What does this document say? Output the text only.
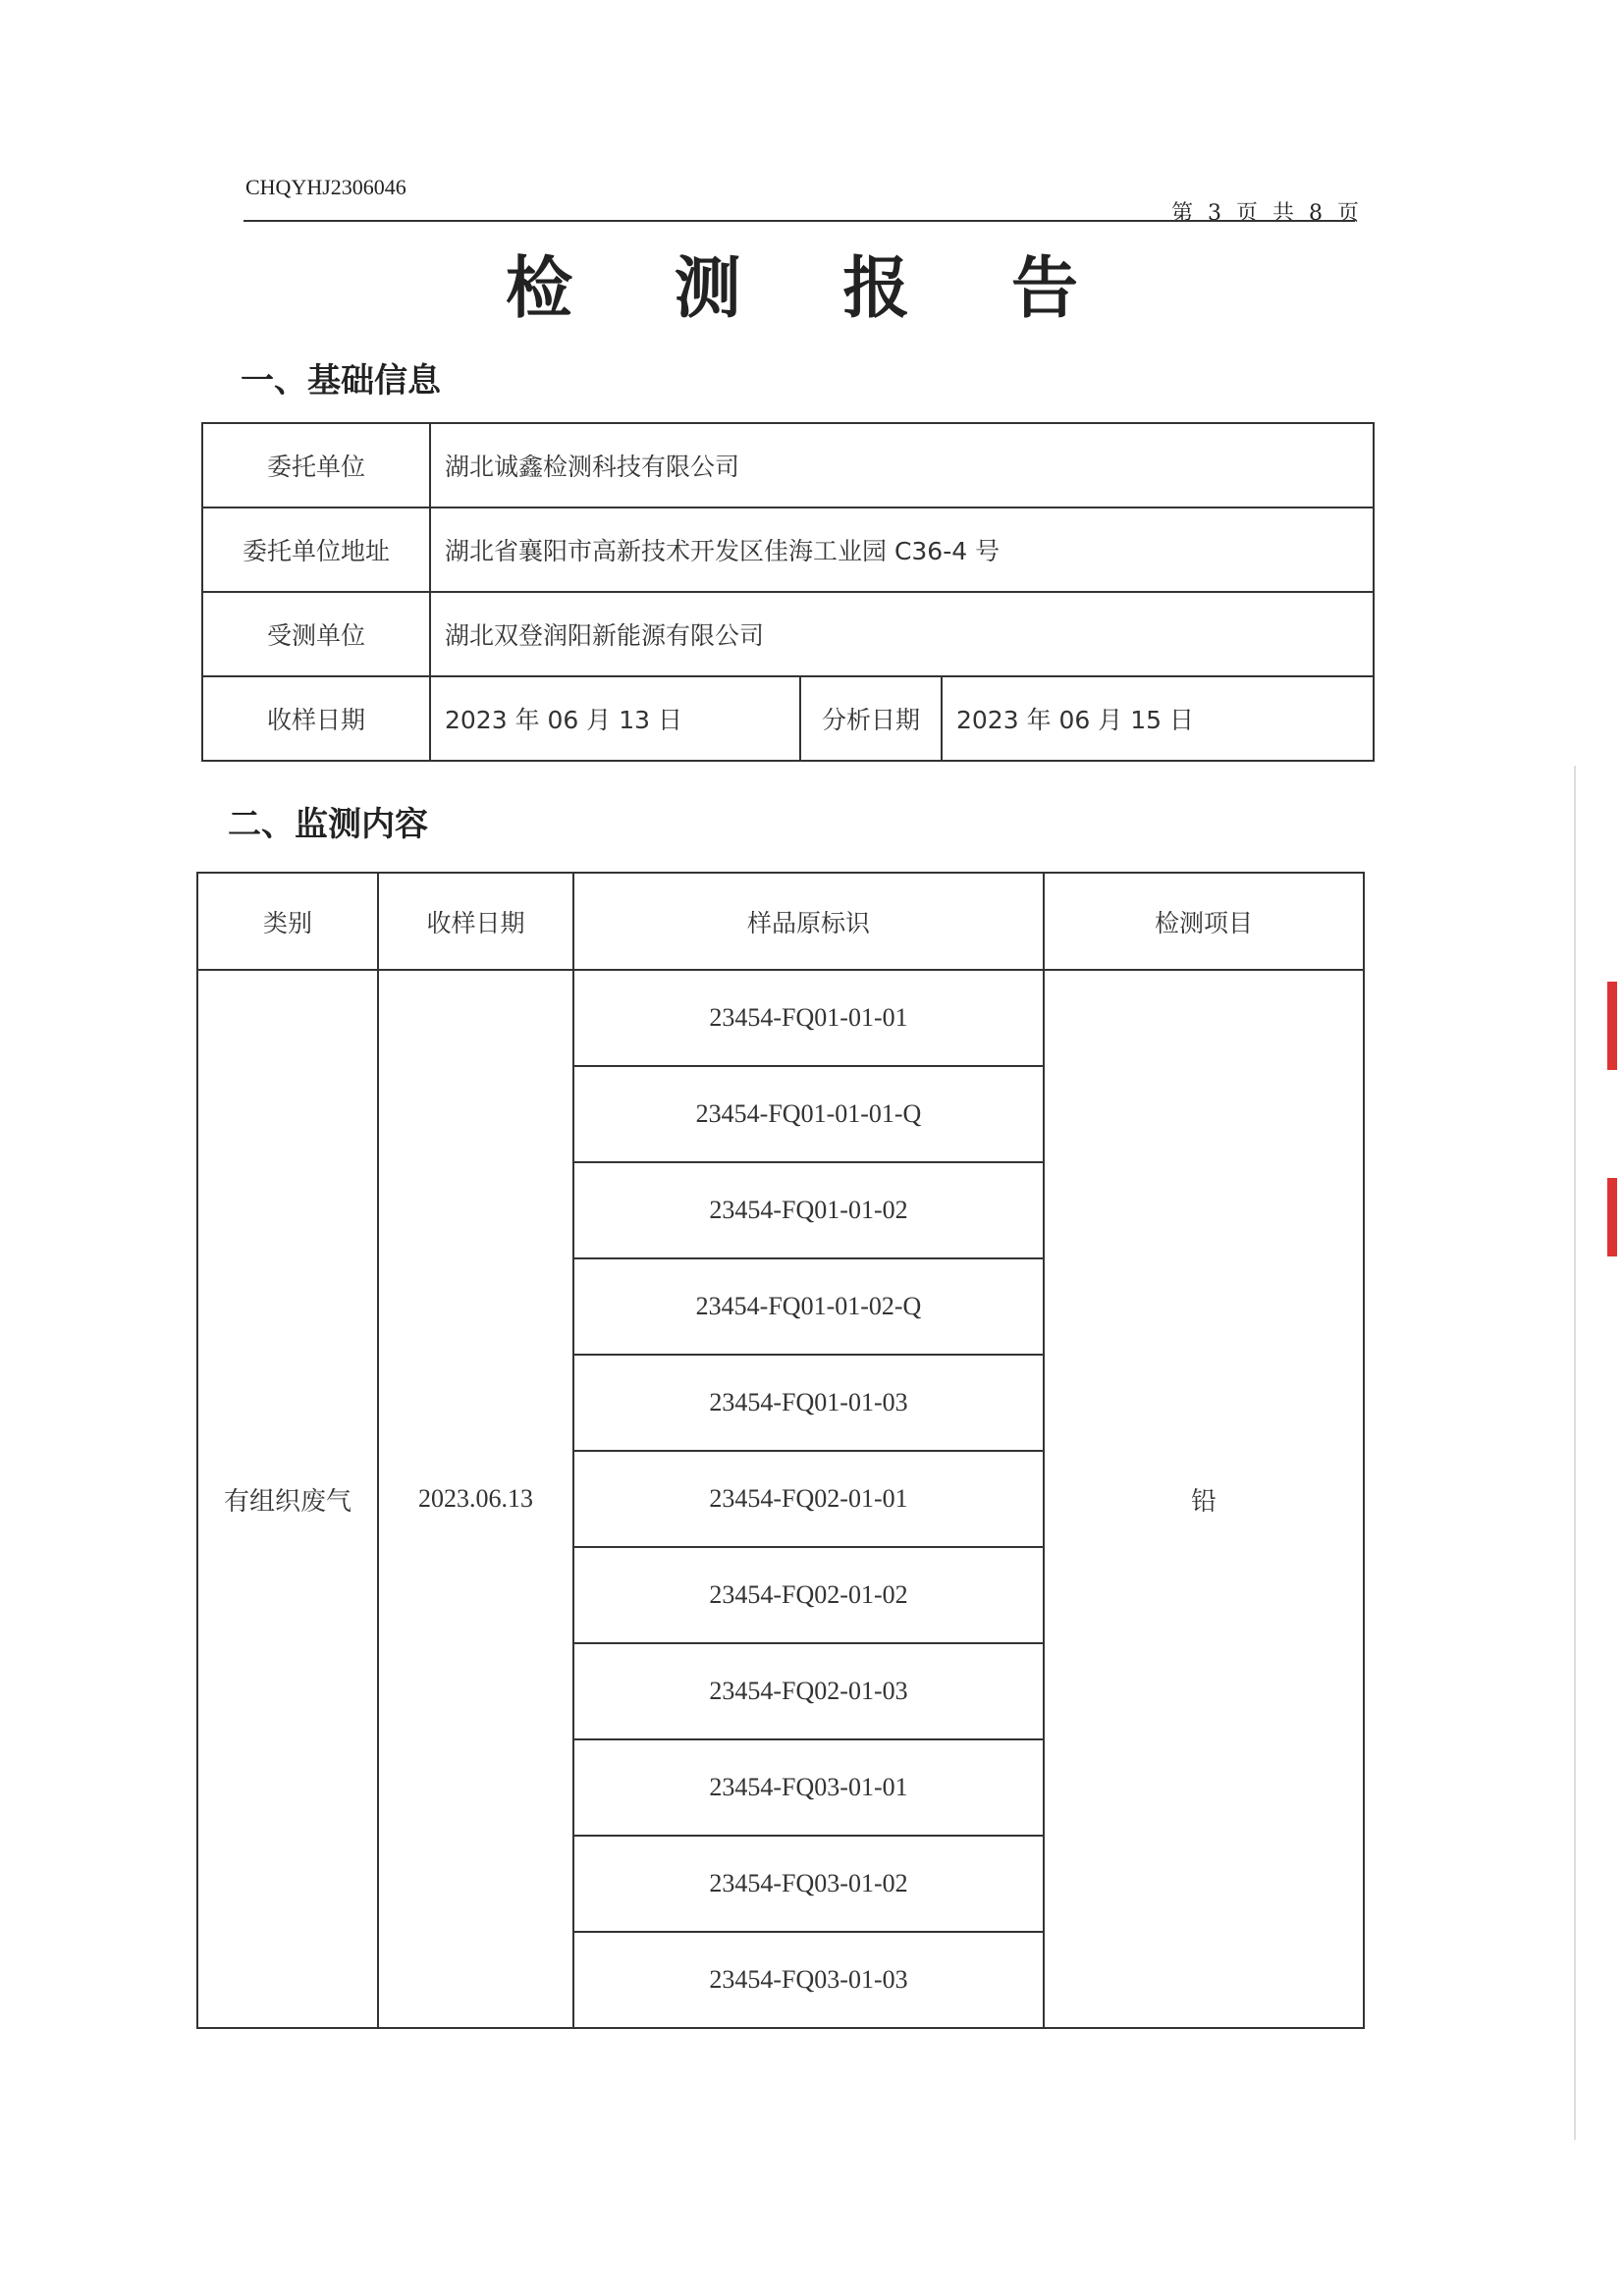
CHQYHJ2306046
第 3 页 共 8 页
检 测 报 告
一、基础信息
委托单位	湖北诚鑫检测科技有限公司		
委托单位地址	湖北省襄阳市高新技术开发区佳海工业园 C36-4 号		
受测单位	湖北双登润阳新能源有限公司		
收样日期	2023 年 06 月 13 日	分析日期	2023 年 06 月 15 日
二、监测内容
类别	收样日期	样品原标识	检测项目
有组织废气	2023.06.13	23454-FQ01-01-01	铅
		23454-FQ01-01-01-Q	
		23454-FQ01-01-02	
		23454-FQ01-01-02-Q	
		23454-FQ01-01-03	
		23454-FQ02-01-01	
		23454-FQ02-01-02	
		23454-FQ02-01-03	
		23454-FQ03-01-01	
		23454-FQ03-01-02	
		23454-FQ03-01-03	
